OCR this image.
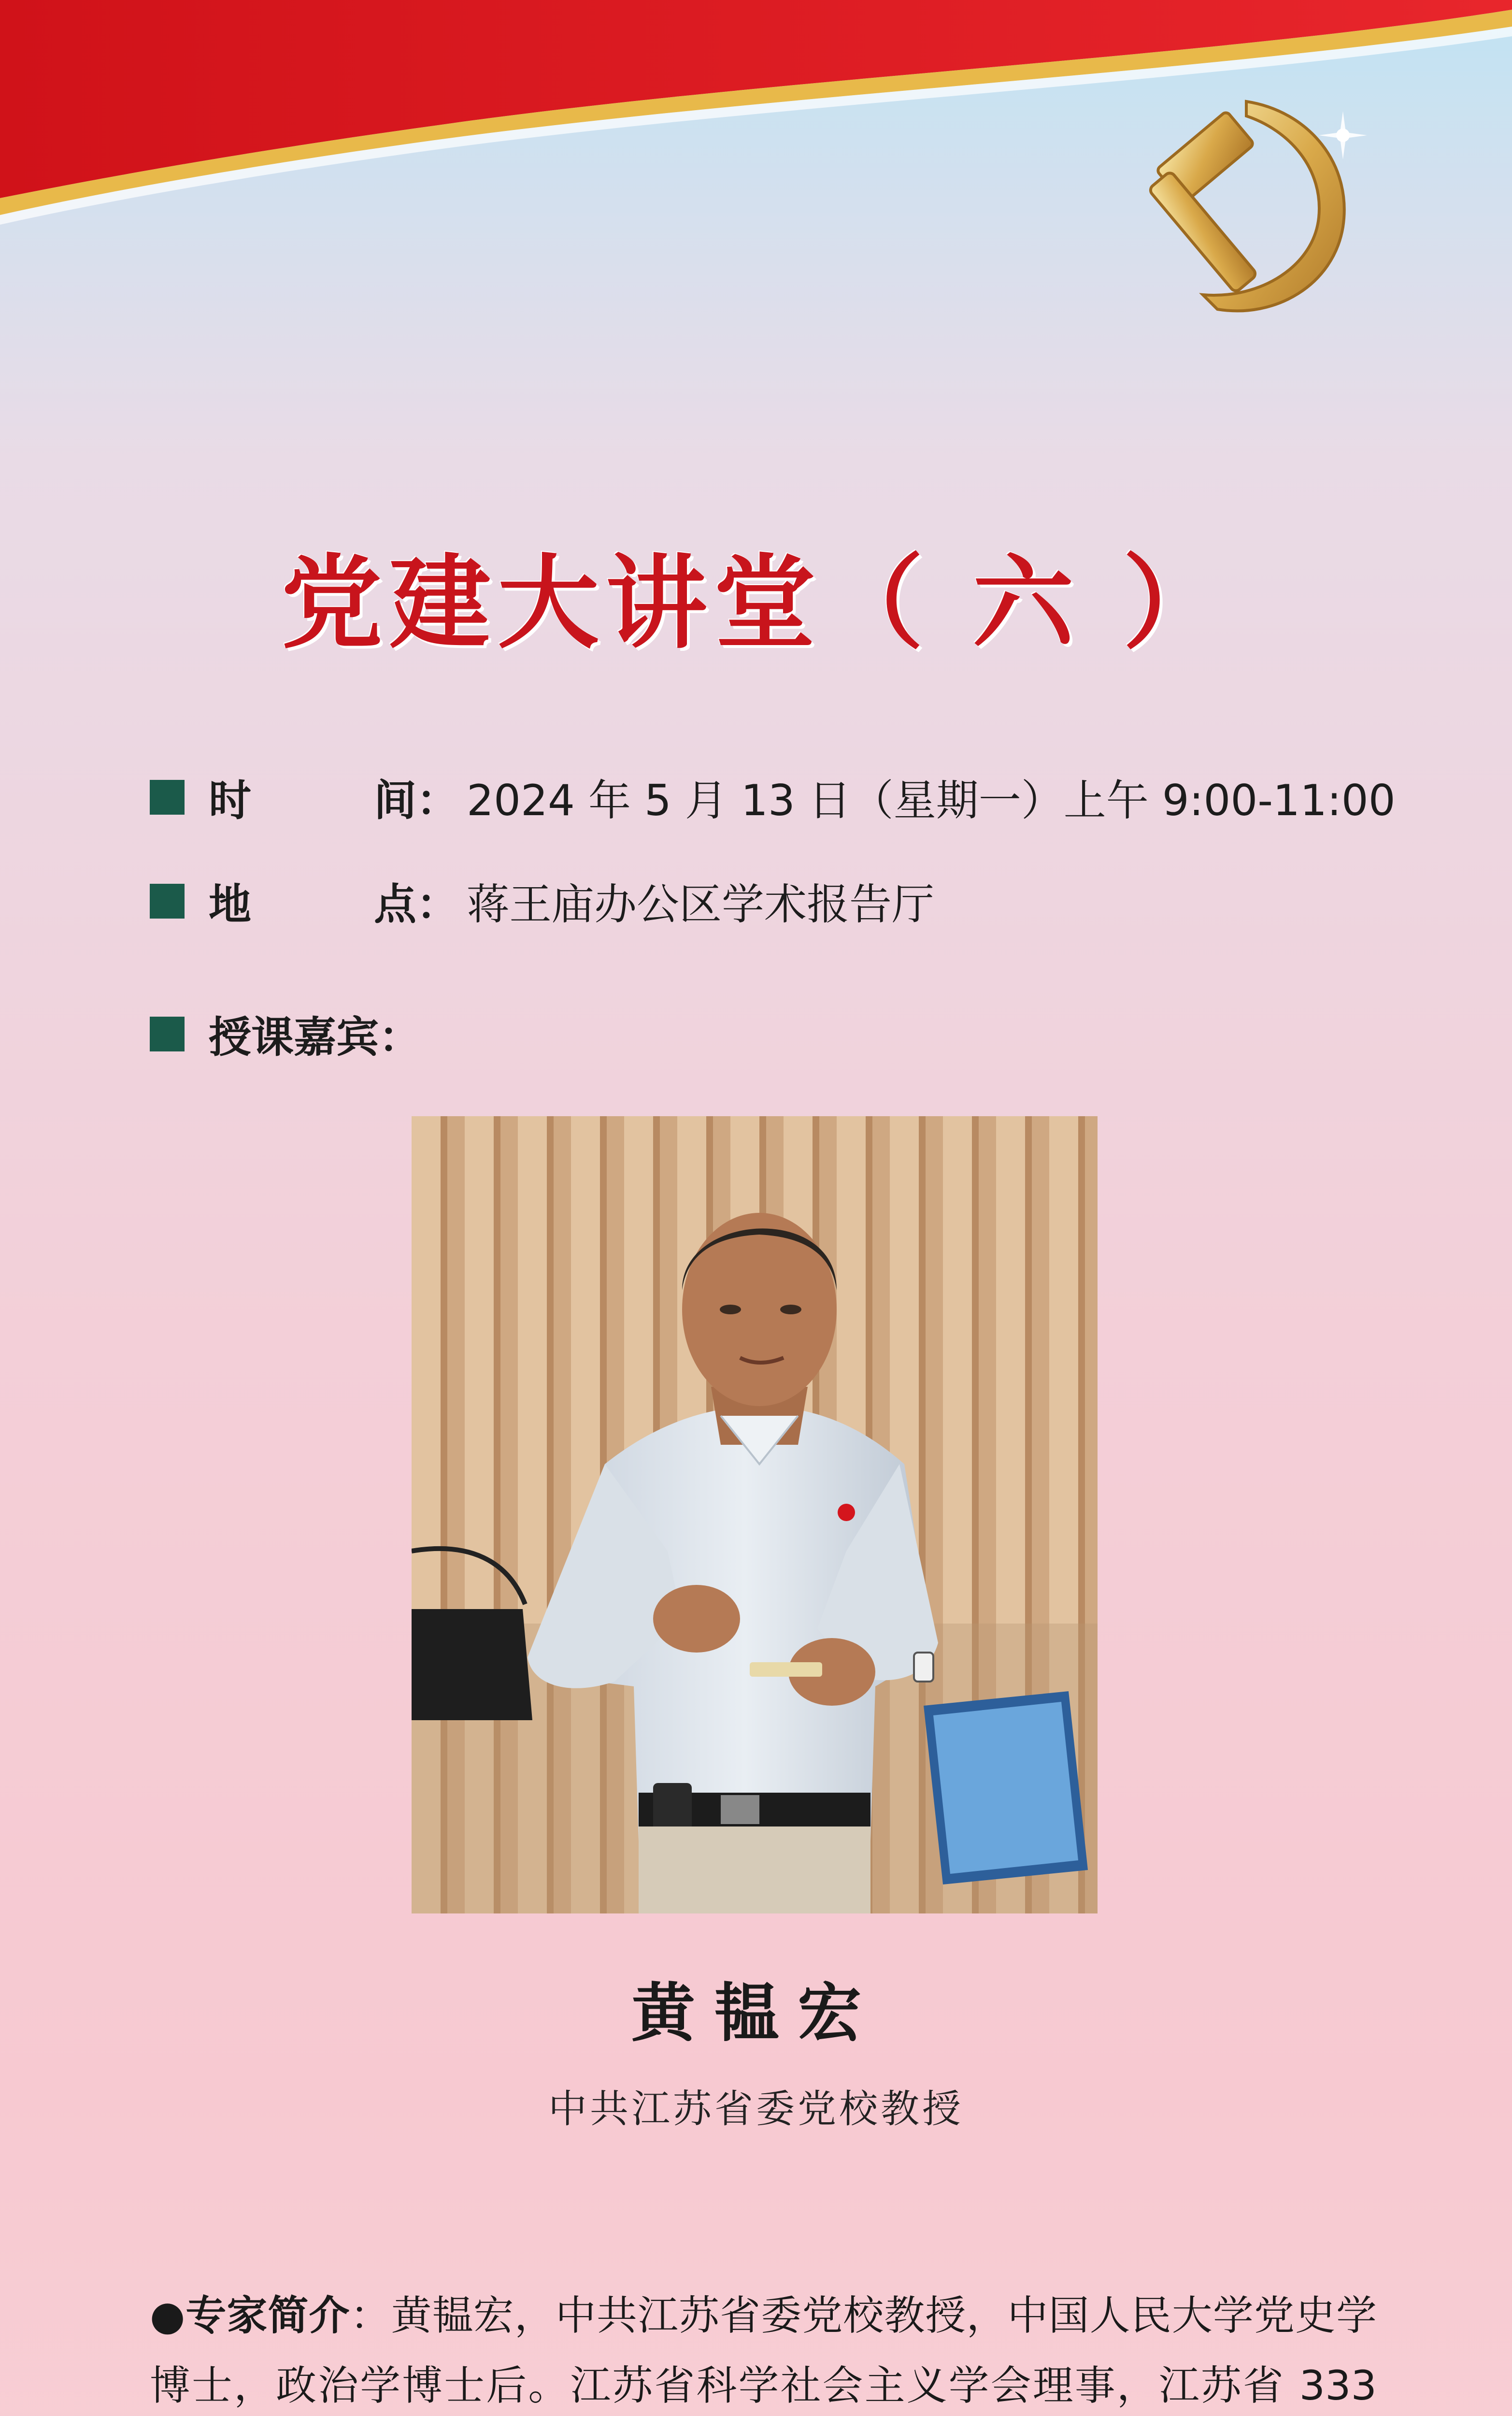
党建大讲堂（ 六 ）
时	间 ： 2024 年 5 月 13 日（星期一）上午 9:00-11:00
地	点 ： 蒋王庙办公区学术报告厅
授课嘉宾 ：
黄韫宏
中共江苏省委党校教授

●专家简介：黄韫宏，中共江苏省委党校教授，中国人民大学党史学博士，政治学博士后。江苏省科学社会主义学会理事，江苏省 333
